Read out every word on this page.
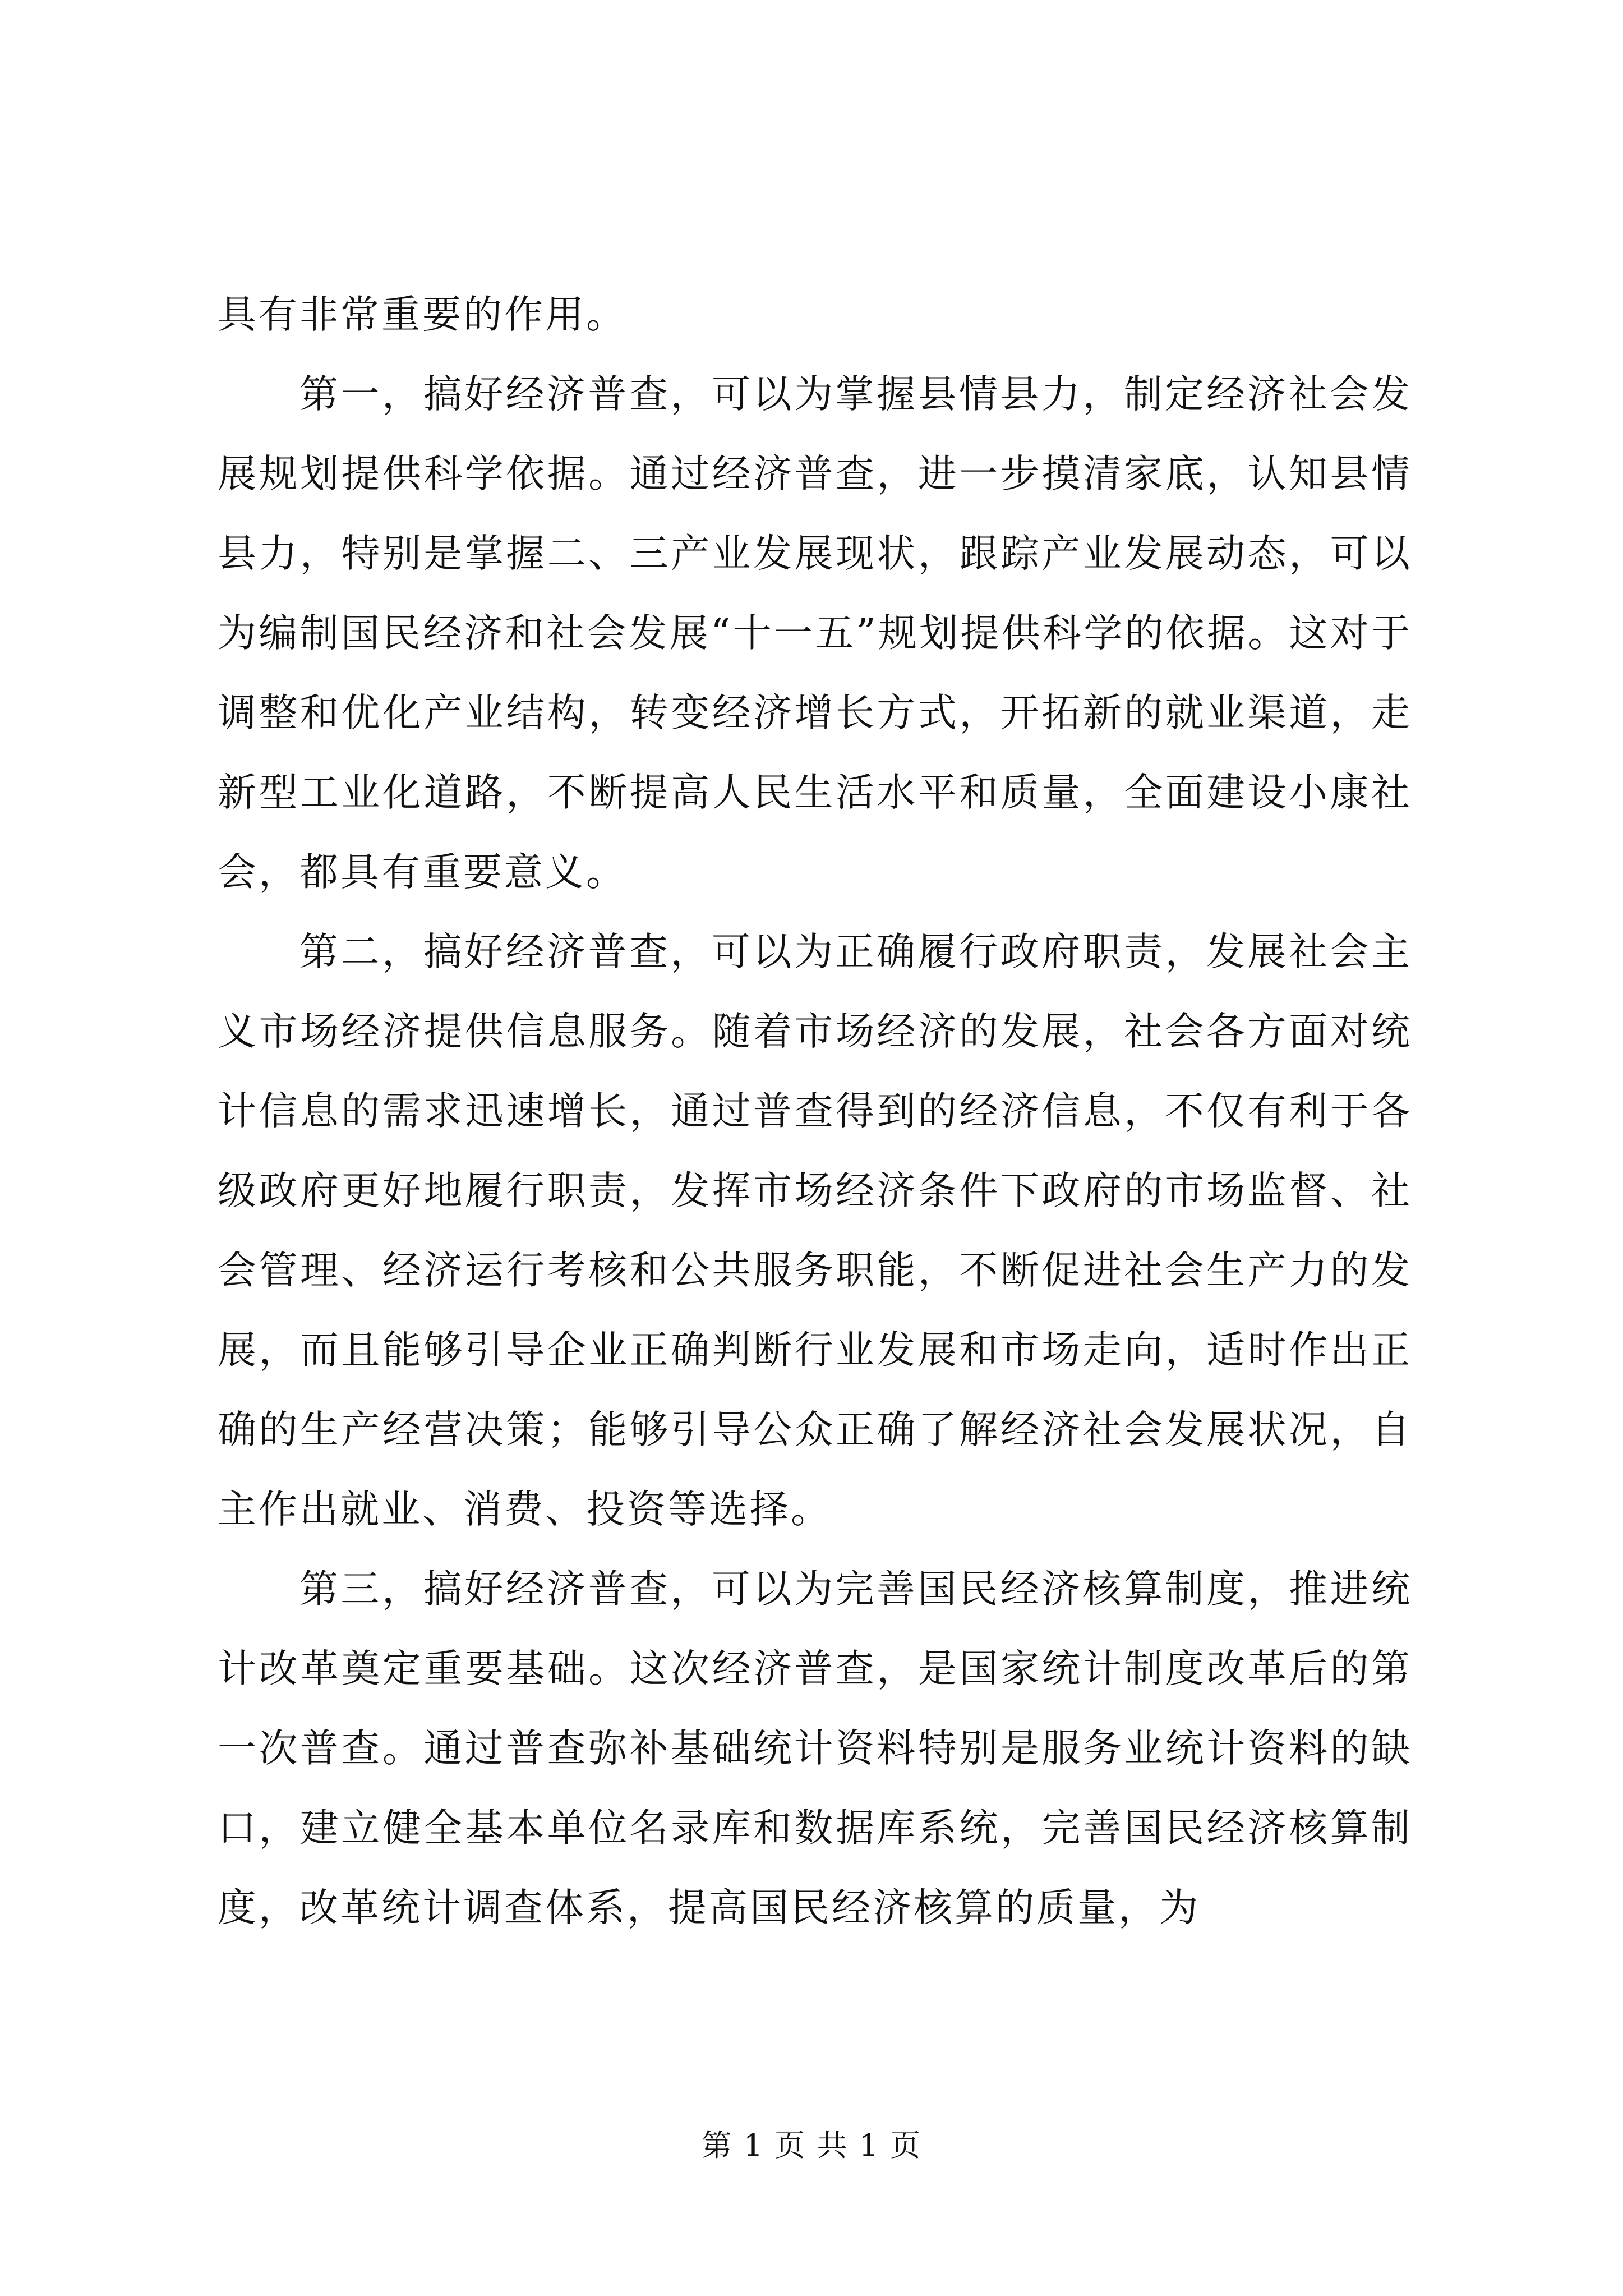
具有非常重要的作用。

第一，搞好经济普查，可以为掌握县情县力，制定经济社会发展规划提供科学依据。通过经济普查，进一步摸清家底，认知县情县力，特别是掌握二、三产业发展现状，跟踪产业发展动态，可以为编制国民经济和社会发展“十一五”规划提供科学的依据。这对于调整和优化产业结构，转变经济增长方式，开拓新的就业渠道，走新型工业化道路，不断提高人民生活水平和质量，全面建设小康社会，都具有重要意义。

第二，搞好经济普查，可以为正确履行政府职责，发展社会主义市场经济提供信息服务。随着市场经济的发展，社会各方面对统计信息的需求迅速增长，通过普查得到的经济信息，不仅有利于各级政府更好地履行职责，发挥市场经济条件下政府的市场监督、社会管理、经济运行考核和公共服务职能，不断促进社会生产力的发展，而且能够引导企业正确判断行业发展和市场走向，适时作出正确的生产经营决策；能够引导公众正确了解经济社会发展状况，自主作出就业、消费、投资等选择。

第三，搞好经济普查，可以为完善国民经济核算制度，推进统计改革奠定重要基础。这次经济普查，是国家统计制度改革后的第一次普查。通过普查弥补基础统计资料特别是服务业统计资料的缺口，建立健全基本单位名录库和数据库系统，完善国民经济核算制度，改革统计调查体系，提高国民经济核算的质量，为

第 1 页 共 1 页
